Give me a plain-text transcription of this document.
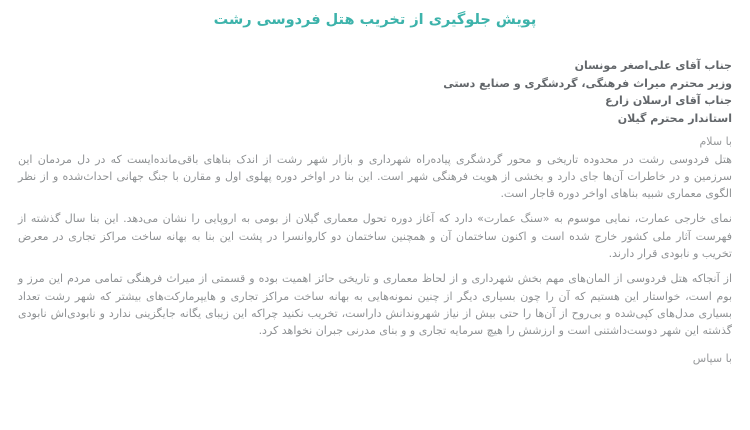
پویش جلوگیری از تخریب هتل فردوسی رشت
جناب آقای علی‌اصغر مونسان
وزیر محترم میراث فرهنگی، گردشگری و صنایع دستی
جناب آقای ارسلان زارع
استاندار محترم گیلان
با سلام

هتل فردوسی رشت در محدوده تاریخی و محور گردشگری پیاده‌راه شهرداری و بازار شهر رشت از اندک بناهای باقی‌مانده‌ایست که در دل مردمان این سرزمین و در خاطرات آن‌ها جای دارد و بخشی از هویت فرهنگی شهر است. این بنا در اواخر دوره پهلوی اول و مقارن با جنگ جهانی احداث‌شده و از نظر الگوی معماری شبیه بناهای اواخر دوره قاجار است.

نمای خارجی عمارت، نمایی موسوم به «سنگ عمارت» دارد که آغاز دوره تحول معماری گیلان از بومی به اروپایی را نشان می‌دهد. این بنا سال گذشته از فهرست آثار ملی کشور خارج شده است و اکنون ساختمان آن و همچنین ساختمان دو کاروانسرا در پشت این بنا به بهانه ساخت مراکز تجاری در معرض تخریب و نابودی قرار دارند.

از آنجاکه هتل فردوسی از المان‌های مهم بخش شهرداری و از لحاظ معماری و تاریخی حائز اهمیت بوده و قسمتی از میراث فرهنگی تمامی مردم این مرز و بوم است، خواستار این هستیم که آن را چون بسیاری دیگر از چنین نمونه‌هایی به بهانه ساخت مراکز تجاری و هایپرمارکت‌های بیشتر که شهر رشت تعداد بسیاری مدل‌های کپی‌شده و بی‌روح از آن‌ها را حتی بیش از نیاز شهروندانش داراست، تخریب نکنید چراکه این زیبای یگانه جایگزینی ندارد و نابودی‌اش نابودی گذشته این شهر دوست‌داشتنی است و ارزشش را هیچ سرمایه تجاری و و بنای مدرنی جبران نخواهد کرد.

با سپاس
